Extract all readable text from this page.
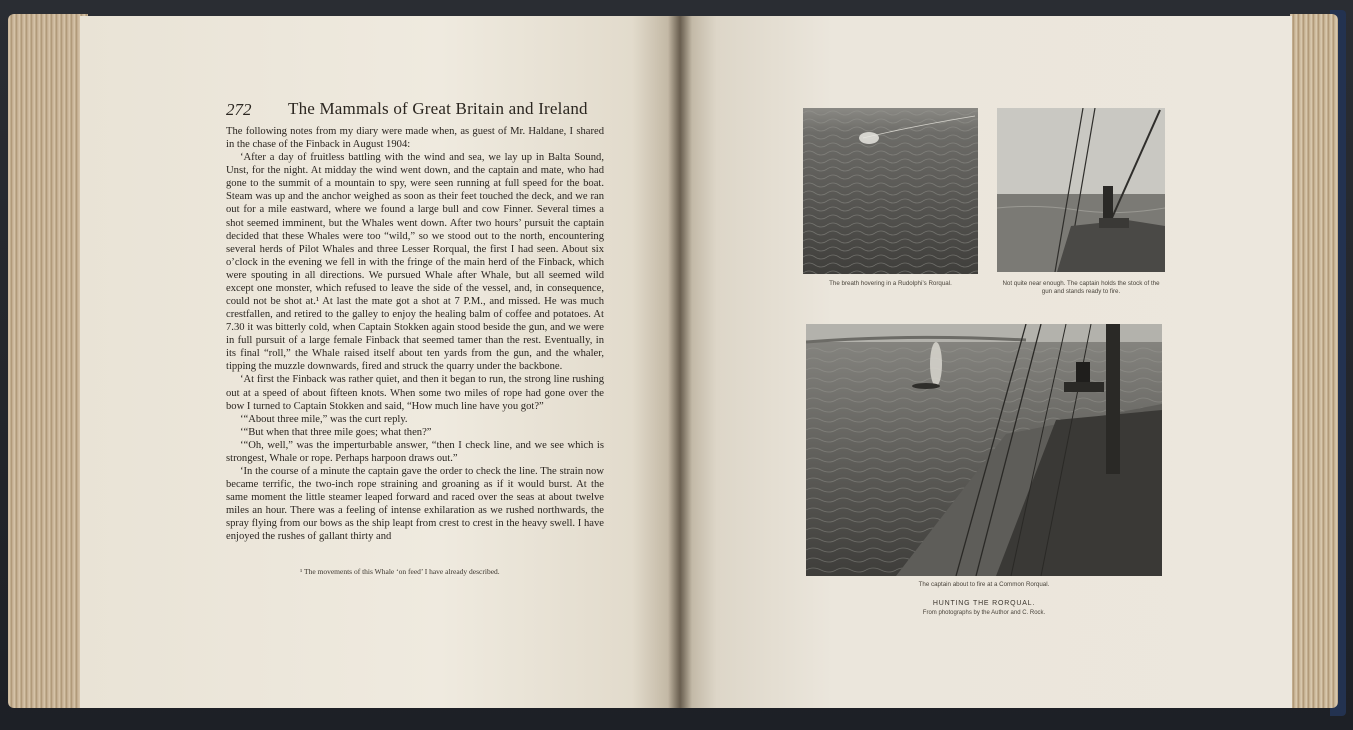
272 The Mammals of Great Britain and Ireland

The following notes from my diary were made when, as guest of Mr. Haldane, I shared in the chase of the Finback in August 1904:

‘After a day of fruitless battling with the wind and sea, we lay up in Balta Sound, Unst, for the night. At midday the wind went down, and the captain and mate, who had gone to the summit of a mountain to spy, were seen running at full speed for the boat. Steam was up and the anchor weighed as soon as their feet touched the deck, and we ran out for a mile eastward, where we found a large bull and cow Finner. Several times a shot seemed imminent, but the Whales went down. After two hours’ pursuit the captain decided that these Whales were too “wild,” so we stood out to the north, encountering several herds of Pilot Whales and three Lesser Rorqual, the first I had seen. About six o’clock in the evening we fell in with the fringe of the main herd of the Finback, which were spouting in all directions. We pursued Whale after Whale, but all seemed wild except one monster, which refused to leave the side of the vessel, and, in consequence, could not be shot at.¹ At last the mate got a shot at 7 P.M., and missed. He was much crestfallen, and retired to the galley to enjoy the healing balm of coffee and potatoes. At 7.30 it was bitterly cold, when Captain Stokken again stood beside the gun, and we were in full pursuit of a large female Finback that seemed tamer than the rest. Eventually, in its final “roll,” the Whale raised itself about ten yards from the gun, and the whaler, tipping the muzzle downwards, fired and struck the quarry under the backbone.

‘At first the Finback was rather quiet, and then it began to run, the strong line rushing out at a speed of about fifteen knots. When some two miles of rope had gone over the bow I turned to Captain Stokken and said, “How much line have you got?”

‘“About three mile,” was the curt reply.

‘“But when that three mile goes; what then?”

‘“Oh, well,” was the imperturbable answer, “then I check line, and we see which is strongest, Whale or rope. Perhaps harpoon draws out.”

‘In the course of a minute the captain gave the order to check the line. The strain now became terrific, the two-inch rope straining and groaning as if it would burst. At the same moment the little steamer leaped forward and raced over the seas at about twelve miles an hour. There was a feeling of intense exhilaration as we rushed northwards, the spray flying from our bows as the ship leapt from crest to crest in the heavy swell. I have enjoyed the rushes of gallant thirty and

¹ The movements of this Whale ‘on feed’ I have already described.
The breath hovering in a Rudolphi’s Rorqual.	Not quite near enough. The captain holds the stock of the gun and stands ready to fire.
The captain about to fire at a Common Rorqual.
HUNTING THE RORQUAL.
From photographs by the Author and C. Rock.
